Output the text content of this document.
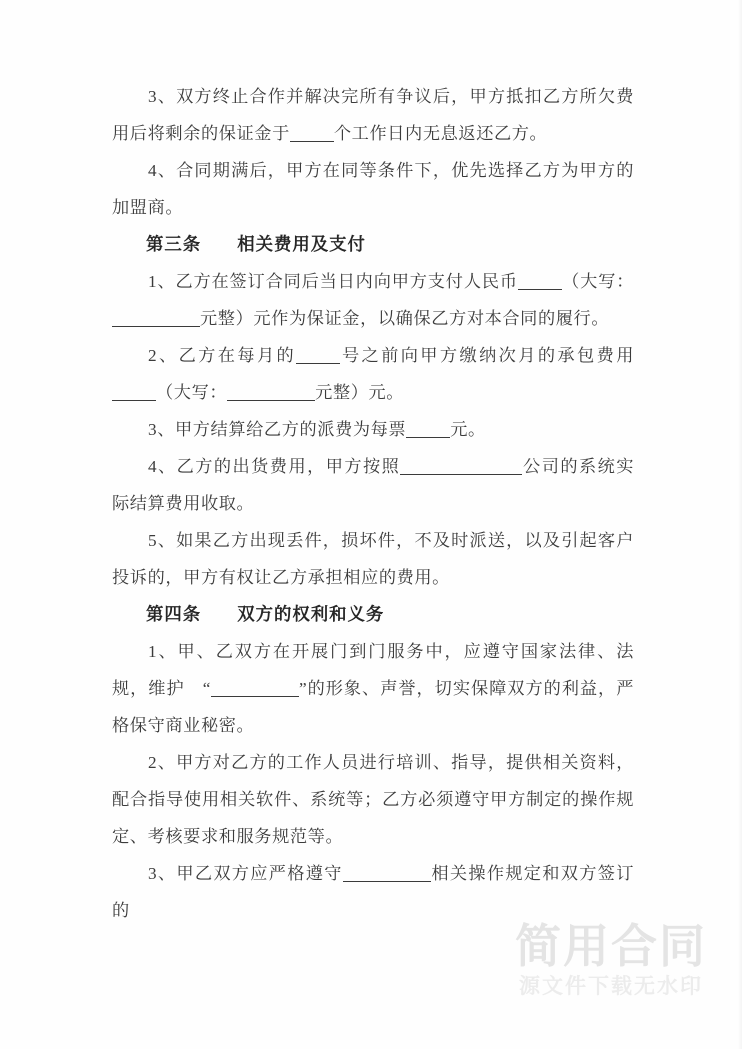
3、双方终止合作并解决完所有争议后，甲方抵扣乙方所欠费用后将剩余的保证金于	个工作日内无息返还乙方。

4、合同期满后，甲方在同等条件下，优先选择乙方为甲方的加盟商。

第三条 相关费用及支付

1、乙方在签订合同后当日内向甲方支付人民币	（大写：元整）元作为保证金，以确保乙方对本合同的履行。

2、乙方在每月的	号之前向甲方缴纳次月的承包费用（大写：	元整）元。

3、甲方结算给乙方的派费为每票	元。

4、乙方的出货费用，甲方按照	公司的系统实际结算费用收取。

5、如果乙方出现丢件，损坏件，不及时派送，以及引起客户投诉的，甲方有权让乙方承担相应的费用。

第四条 双方的权利和义务

1、甲、乙双方在开展门到门服务中，应遵守国家法律、法规，维护　“	”的形象、声誉，切实保障双方的利益，严格保守商业秘密。

2、甲方对乙方的工作人员进行培训、指导，提供相关资料，配合指导使用相关软件、系统等；乙方必须遵守甲方制定的操作规定、考核要求和服务规范等。

3、甲乙双方应严格遵守	相关操作规定和双方签订的

简用合同
源文件下载无水印
